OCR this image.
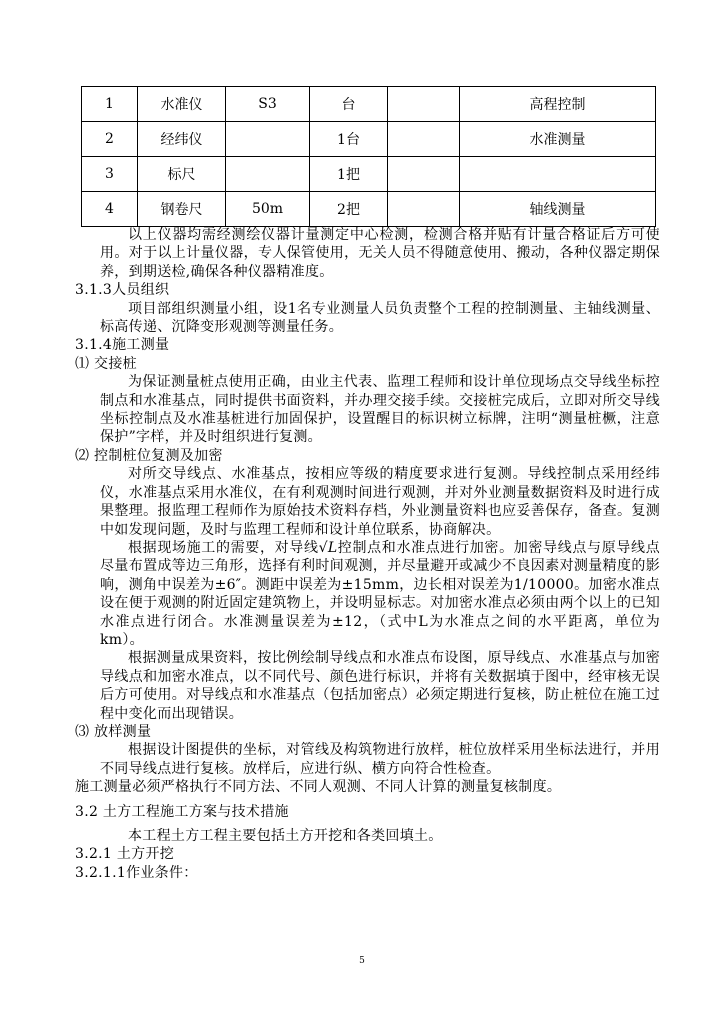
1	水准仪	S3	台		高程控制
2	经纬仪		1台		水准测量
3	标尺		1把		
4	钢卷尺	50m	2把		轴线测量

以上仪器均需经测绘仪器计量测定中心检测，检测合格并贴有计量合格证后方可使用。对于以上计量仪器，专人保管使用，无关人员不得随意使用、搬动，各种仪器定期保养，到期送检,确保各种仪器精准度。

3.1.3人员组织

项目部组织测量小组，设1名专业测量人员负责整个工程的控制测量、主轴线测量、标高传递、沉降变形观测等测量任务。

3.1.4施工测量

⑴ 交接桩

为保证测量桩点使用正确，由业主代表、监理工程师和设计单位现场点交导线坐标控制点和水准基点，同时提供书面资料，并办理交接手续。交接桩完成后，立即对所交导线坐标控制点及水准基桩进行加固保护，设置醒目的标识树立标牌，注明“测量桩橛，注意保护”字样，并及时组织进行复测。

⑵ 控制桩位复测及加密

对所交导线点、水准基点，按相应等级的精度要求进行复测。导线控制点采用经纬仪，水准基点采用水准仪，在有利观测时间进行观测，并对外业测量数据资料及时进行成果整理。报监理工程师作为原始技术资料存档，外业测量资料也应妥善保存，备查。复测中如发现问题，及时与监理工程师和设计单位联系，协商解决。

根据现场施工的需要，对导线√L控制点和水准点进行加密。加密导线点与原导线点尽量布置成等边三角形，选择有利时间观测，并尽量避开或减少不良因素对测量精度的影响，测角中误差为±6″。测距中误差为±15mm，边长相对误差为1/10000。加密水准点设在便于观测的附近固定建筑物上，并设明显标志。对加密水准点必须由两个以上的已知水准点进行闭合。水准测量误差为±12，（式中L为水准点之间的水平距离，单位为km）。

根据测量成果资料，按比例绘制导线点和水准点布设图，原导线点、水准基点与加密导线点和加密水准点，以不同代号、颜色进行标识，并将有关数据填于图中，经审核无误后方可使用。对导线点和水准基点（包括加密点）必须定期进行复核，防止桩位在施工过程中变化而出现错误。

⑶ 放样测量

根据设计图提供的坐标，对管线及构筑物进行放样，桩位放样采用坐标法进行，并用不同导线点进行复核。放样后，应进行纵、横方向符合性检查。

施工测量必须严格执行不同方法、不同人观测、不同人计算的测量复核制度。

3.2 土方工程施工方案与技术措施

本工程土方工程主要包括土方开挖和各类回填土。

3.2.1 土方开挖

3.2.1.1作业条件：

5
